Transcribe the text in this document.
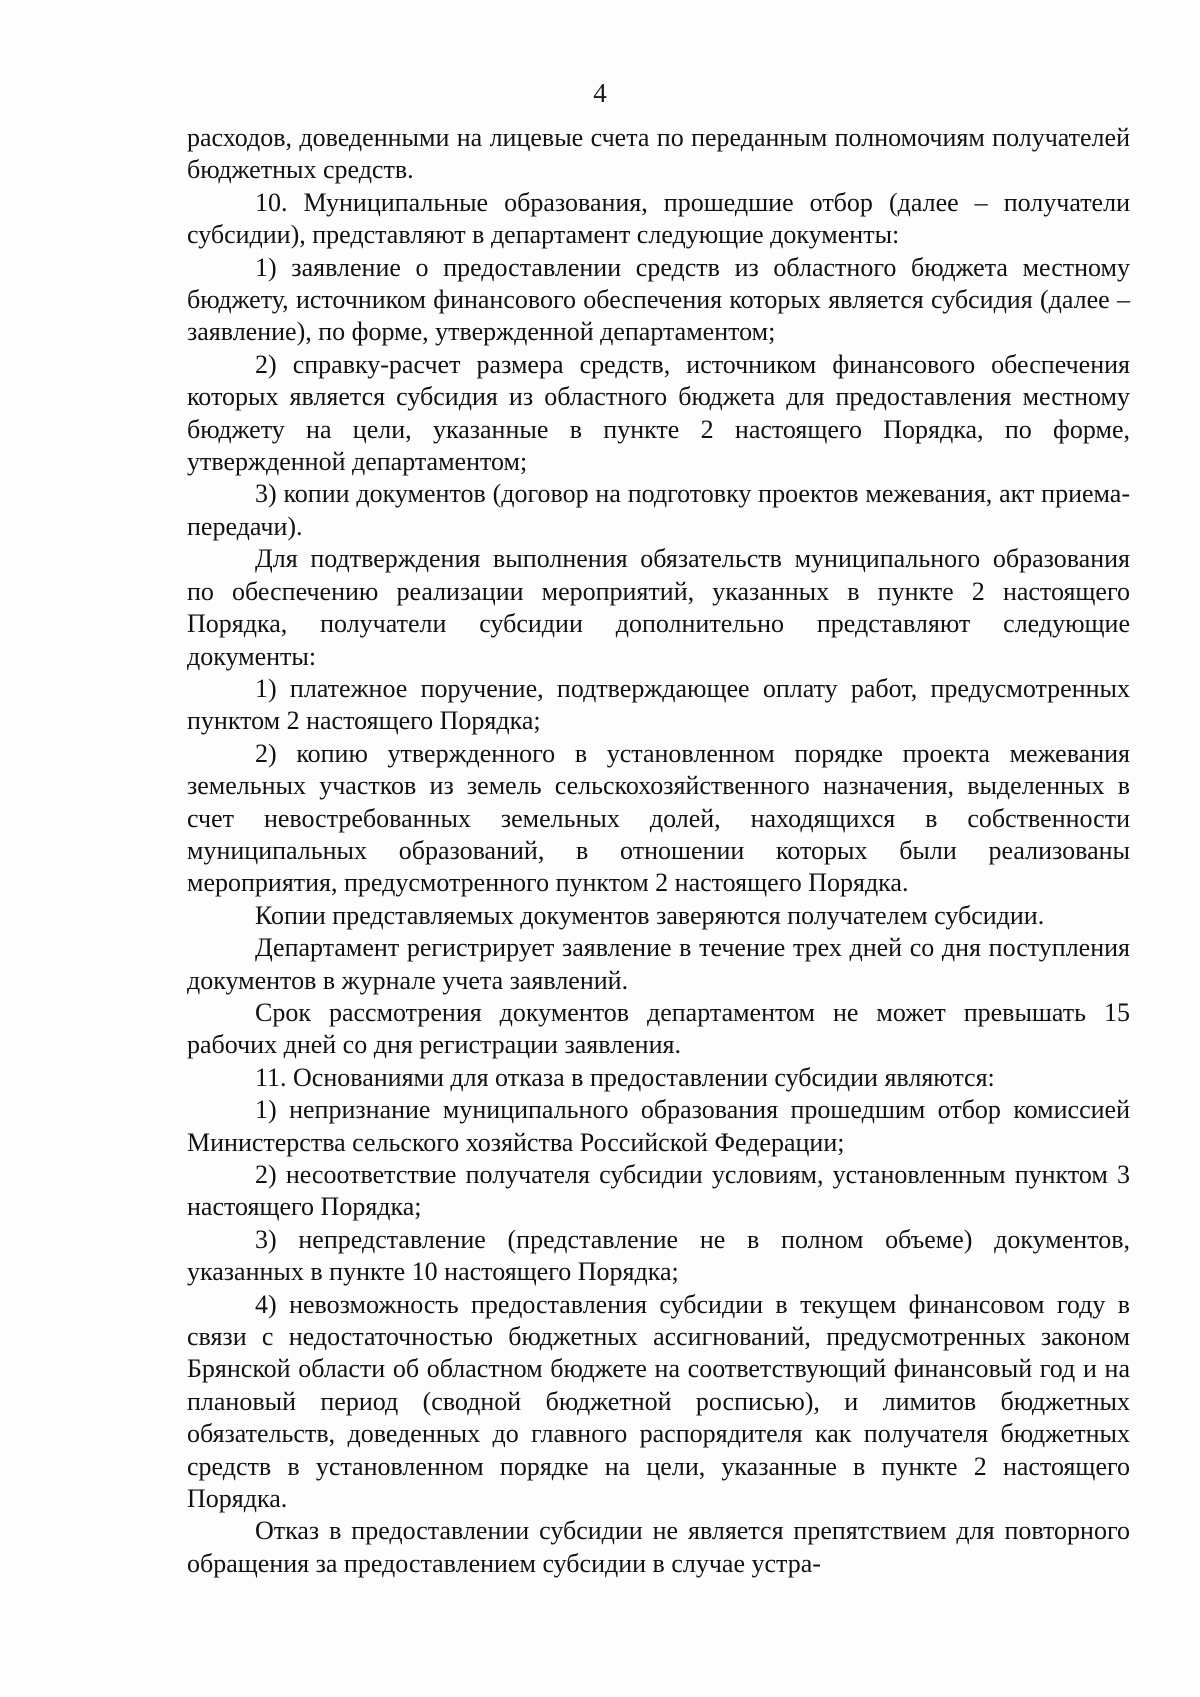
4

расходов, доведенными на лицевые счета по переданным полномочиям получателей бюджетных средств.

10. Муниципальные образования, прошедшие отбор (далее – получатели субсидии), представляют в департамент следующие документы:

1) заявление о предоставлении средств из областного бюджета местному бюджету, источником финансового обеспечения которых является субсидия (далее – заявление), по форме, утвержденной департаментом;

2) справку-расчет размера средств, источником финансового обеспечения которых является субсидия из областного бюджета для предоставления местному бюджету на цели, указанные в пункте 2 настоящего Порядка, по форме, утвержденной департаментом;

3) копии документов (договор на подготовку проектов межевания, акт приема-передачи).

Для подтверждения выполнения обязательств муниципального образования по обеспечению реализации мероприятий, указанных в пункте 2 настоящего Порядка, получатели субсидии дополнительно представляют следующие документы:

1) платежное поручение, подтверждающее оплату работ, предусмотренных пунктом 2 настоящего Порядка;

2) копию утвержденного в установленном порядке проекта межевания земельных участков из земель сельскохозяйственного назначения, выделенных в счет невостребованных земельных долей, находящихся в собственности муниципальных образований, в отношении которых были реализованы мероприятия, предусмотренного пунктом 2 настоящего Порядка.

Копии представляемых документов заверяются получателем субсидии.

Департамент регистрирует заявление в течение трех дней со дня поступления документов в журнале учета заявлений.

Срок рассмотрения документов департаментом не может превышать 15 рабочих дней со дня регистрации заявления.

11. Основаниями для отказа в предоставлении субсидии являются:

1) непризнание муниципального образования прошедшим отбор комиссией Министерства сельского хозяйства Российской Федерации;

2) несоответствие получателя субсидии условиям, установленным пунктом 3 настоящего Порядка;

3) непредставление (представление не в полном объеме) документов, указанных в пункте 10 настоящего Порядка;

4) невозможность предоставления субсидии в текущем финансовом году в связи с недостаточностью бюджетных ассигнований, предусмотренных законом Брянской области об областном бюджете на соответствующий финансовый год и на плановый период (сводной бюджетной росписью), и лимитов бюджетных обязательств, доведенных до главного распорядителя как получателя бюджетных средств в установленном порядке на цели, указанные в пункте 2 настоящего Порядка.

Отказ в предоставлении субсидии не является препятствием для повторного обращения за предоставлением субсидии в случае устра-
